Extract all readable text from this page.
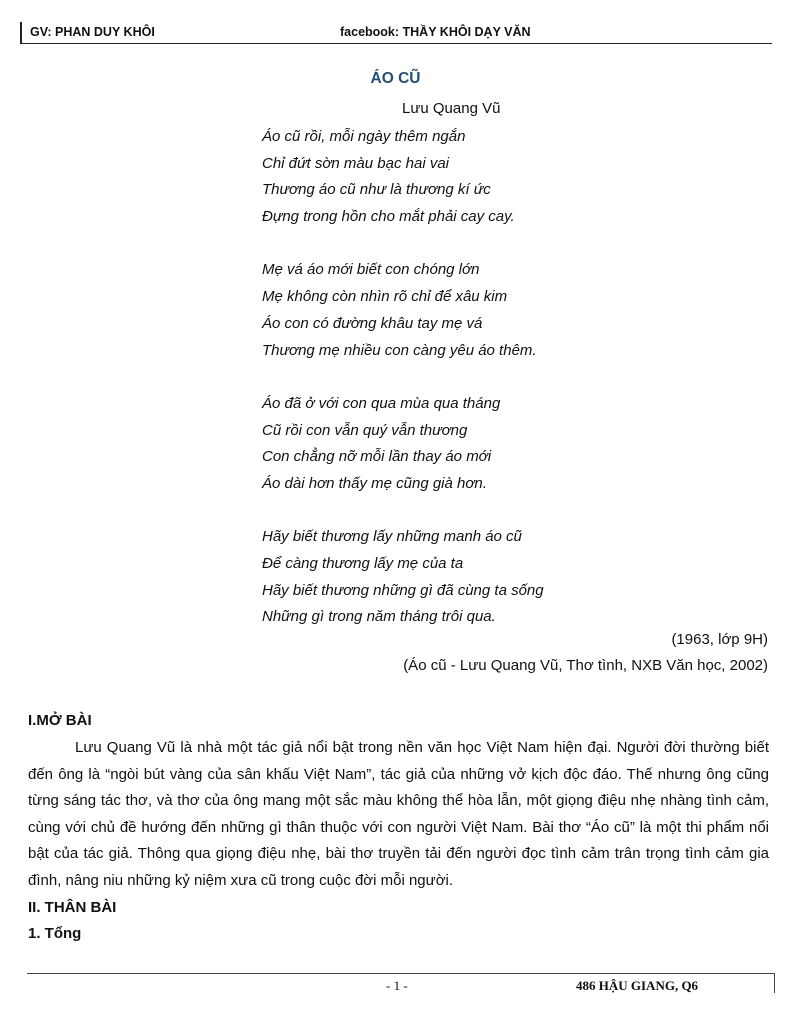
GV: PHAN DUY KHÔI	facebook: THẦY KHÔI DẠY VĂN
ÁO CŨ
Lưu Quang Vũ
Áo cũ rồi, mỗi ngày thêm ngắn
Chỉ đứt sờn màu bạc hai vai
Thương áo cũ như là thương kí ức
Đựng trong hồn cho mắt phải cay cay.
Mẹ vá áo mới biết con chóng lớn
Mẹ không còn nhìn rõ chỉ để xâu kim
Áo con có đường khâu tay mẹ vá
Thương mẹ nhiều con càng yêu áo thêm.
Áo đã ở với con qua mùa qua tháng
Cũ rồi con vẫn quý vẫn thương
Con chẳng nỡ mỗi lần thay áo mới
Áo dài hơn thấy mẹ cũng già hơn.
Hãy biết thương lấy những manh áo cũ
Để càng thương lấy mẹ của ta
Hãy biết thương những gì đã cùng ta sống
Những gì trong năm tháng trôi qua.
(1963, lớp 9H)
(Áo cũ - Lưu Quang Vũ, Thơ tình, NXB Văn học, 2002)
I.MỞ BÀI
Lưu Quang Vũ là nhà một tác giả nổi bật trong nền văn học Việt Nam hiện đại. Người đời thường biết đến ông là “ngòi bút vàng của sân khấu Việt Nam”, tác giả của những vở kịch độc đáo. Thế nhưng ông cũng từng sáng tác thơ, và thơ của ông mang một sắc màu không thể hòa lẫn, một giọng điệu nhẹ nhàng tình cảm, cùng với chủ đề hướng đến những gì thân thuộc với con người Việt Nam. Bài thơ “Áo cũ” là một thi phẩm nổi bật của tác giả. Thông qua giọng điệu nhẹ, bài thơ truyền tải đến người đọc tình cảm trân trọng tình cảm gia đình, nâng niu những kỷ niệm xưa cũ trong cuộc đời mỗi người.
II. THÂN BÀI
1. Tổng
- 1 -	486 HẬU GIANG, Q6
